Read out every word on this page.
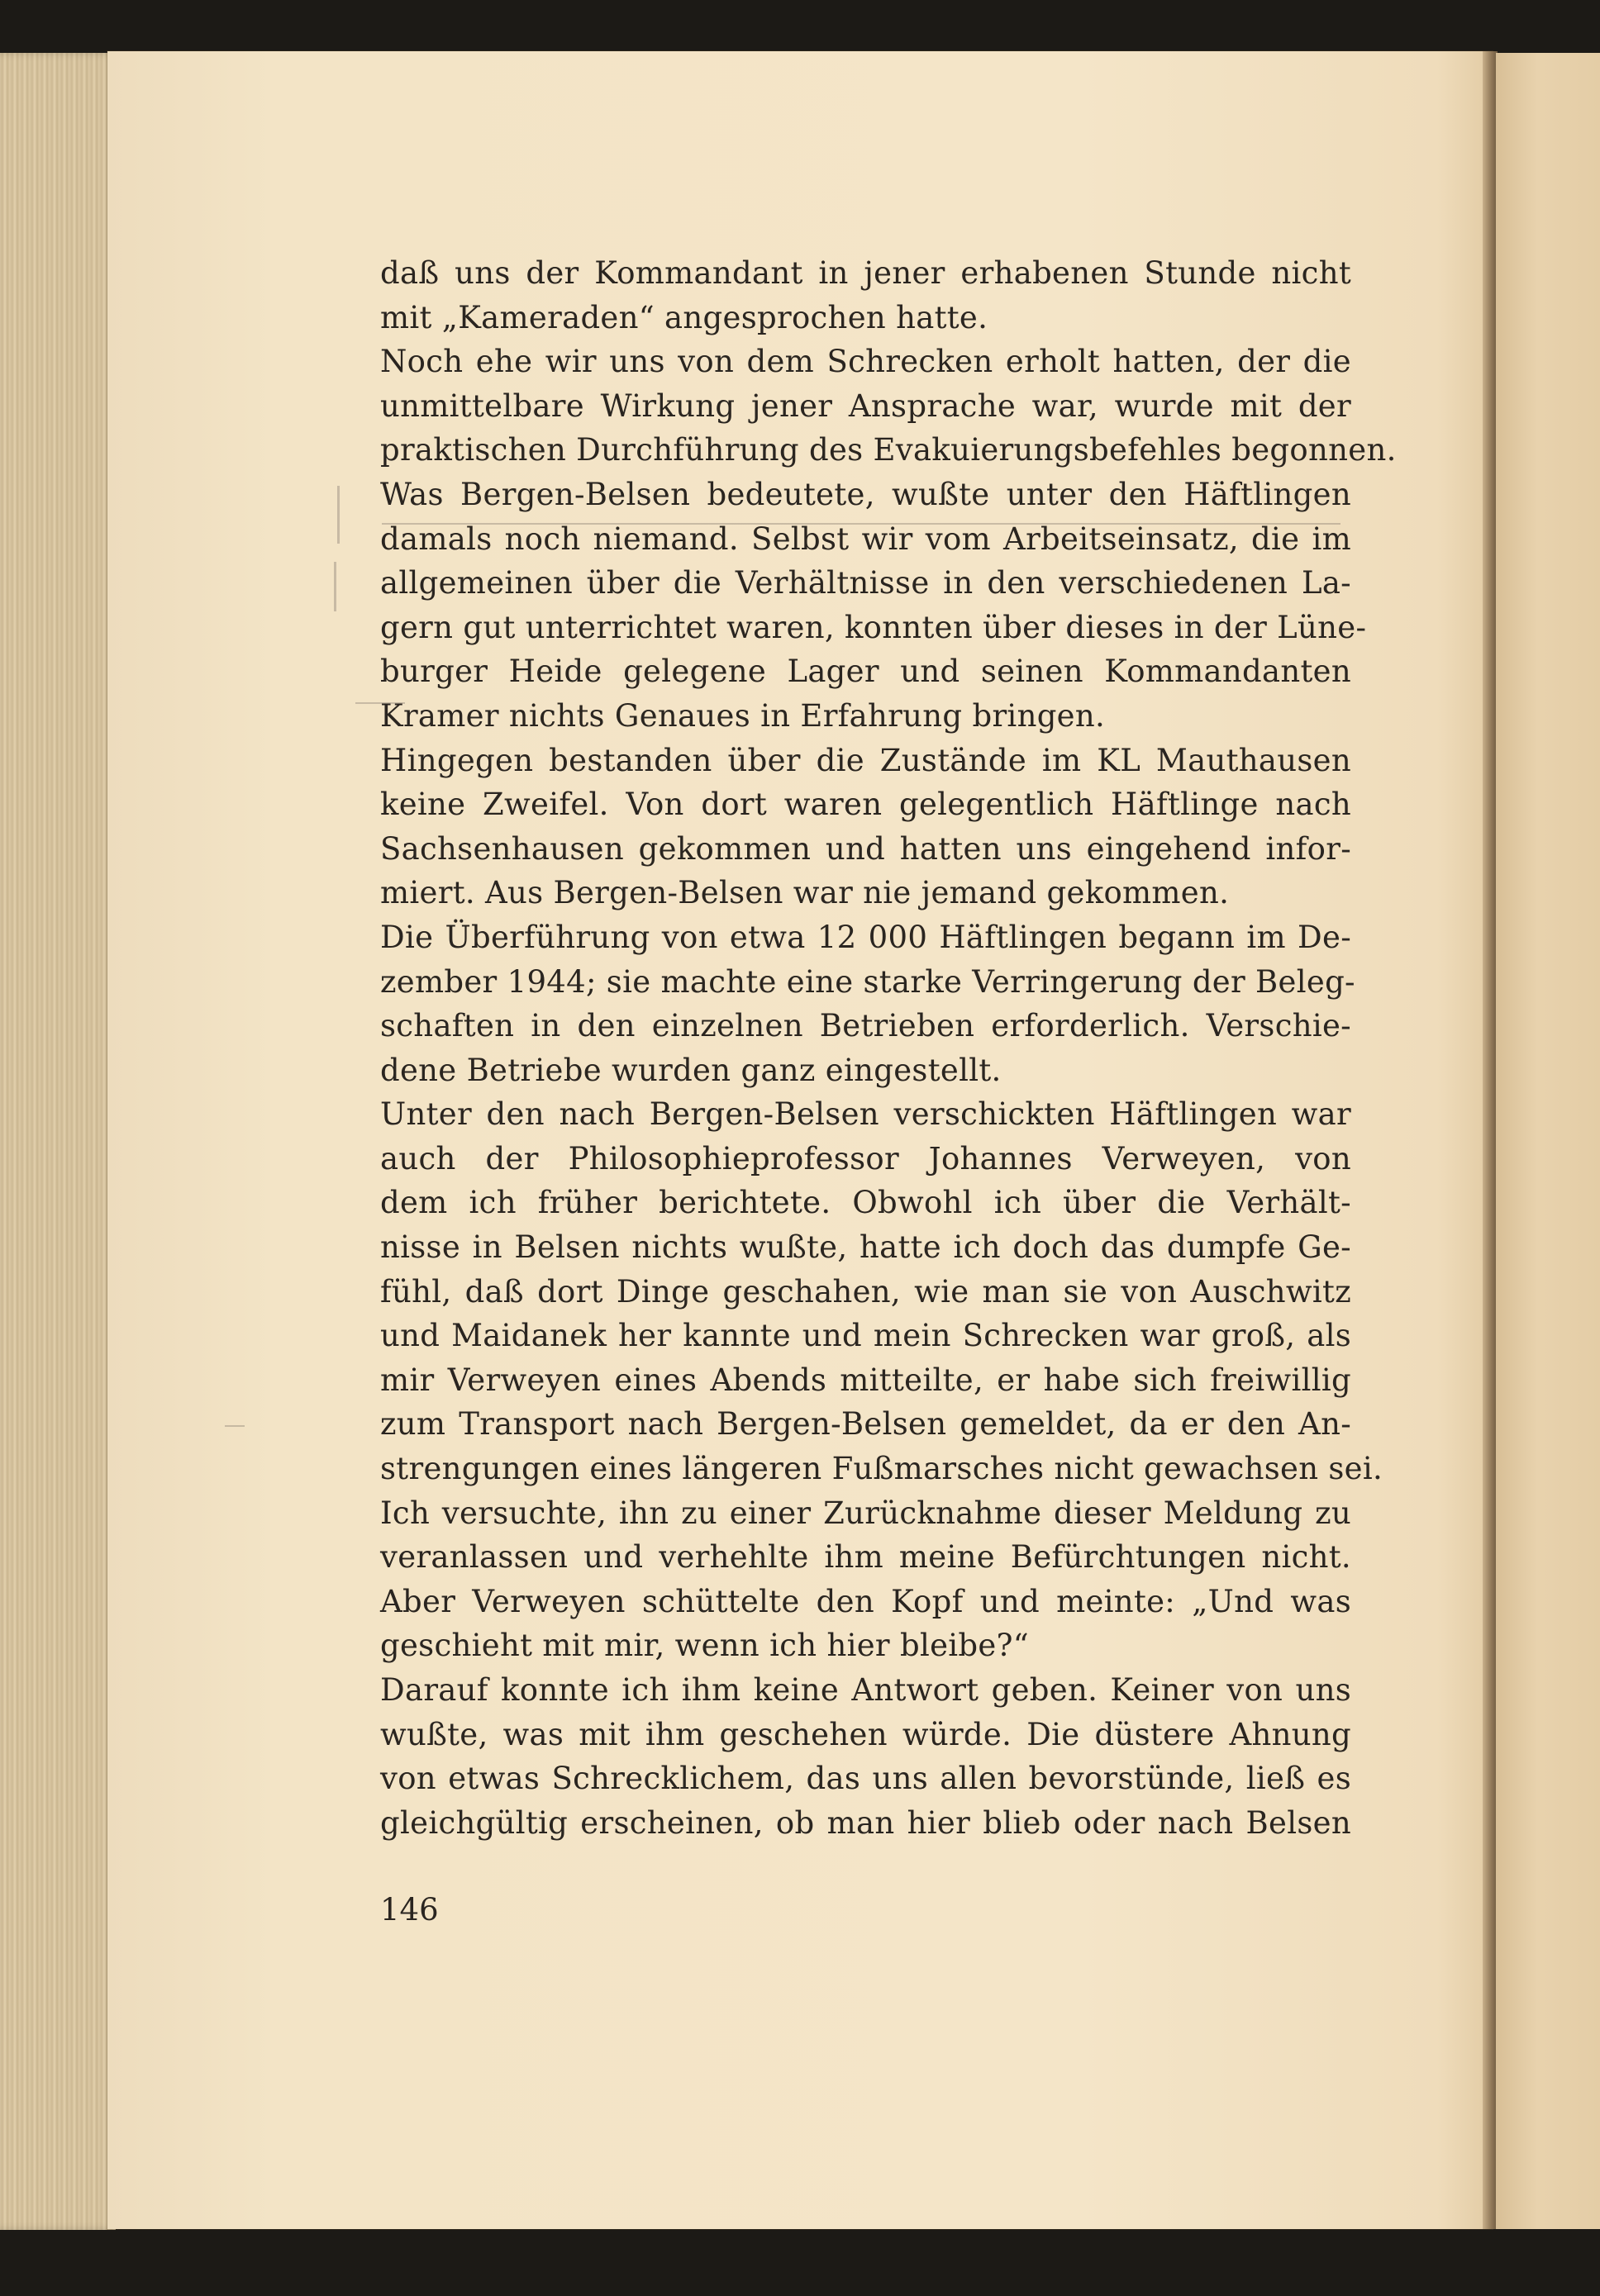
daß uns der Kommandant in jener erhabenen Stunde nicht
mit „Kameraden“ angesprochen hatte.
Noch ehe wir uns von dem Schrecken erholt hatten, der die
unmittelbare Wirkung jener Ansprache war, wurde mit der
praktischen Durchführung des Evakuierungsbefehles begonnen.
Was Bergen-Belsen bedeutete, wußte unter den Häftlingen
damals noch niemand. Selbst wir vom Arbeitseinsatz, die im
allgemeinen über die Verhältnisse in den verschiedenen La-
gern gut unterrichtet waren, konnten über dieses in der Lüne-
burger Heide gelegene Lager und seinen Kommandanten
Kramer nichts Genaues in Erfahrung bringen.
Hingegen bestanden über die Zustände im KL Mauthausen
keine Zweifel. Von dort waren gelegentlich Häftlinge nach
Sachsenhausen gekommen und hatten uns eingehend infor-
miert. Aus Bergen-Belsen war nie jemand gekommen.
Die Überführung von etwa 12 000 Häftlingen begann im De-
zember 1944; sie machte eine starke Verringerung der Beleg-
schaften in den einzelnen Betrieben erforderlich. Verschie-
dene Betriebe wurden ganz eingestellt.
Unter den nach Bergen-Belsen verschickten Häftlingen war
auch der Philosophieprofessor Johannes Verweyen, von
dem ich früher berichtete. Obwohl ich über die Verhält-
nisse in Belsen nichts wußte, hatte ich doch das dumpfe Ge-
fühl, daß dort Dinge geschahen, wie man sie von Auschwitz
und Maidanek her kannte und mein Schrecken war groß, als
mir Verweyen eines Abends mitteilte, er habe sich freiwillig
zum Transport nach Bergen-Belsen gemeldet, da er den An-
strengungen eines längeren Fußmarsches nicht gewachsen sei.
Ich versuchte, ihn zu einer Zurücknahme dieser Meldung zu
veranlassen und verhehlte ihm meine Befürchtungen nicht.
Aber Verweyen schüttelte den Kopf und meinte: „Und was
geschieht mit mir, wenn ich hier bleibe?“
Darauf konnte ich ihm keine Antwort geben. Keiner von uns
wußte, was mit ihm geschehen würde. Die düstere Ahnung
von etwas Schrecklichem, das uns allen bevorstünde, ließ es
gleichgültig erscheinen, ob man hier blieb oder nach Belsen
146
